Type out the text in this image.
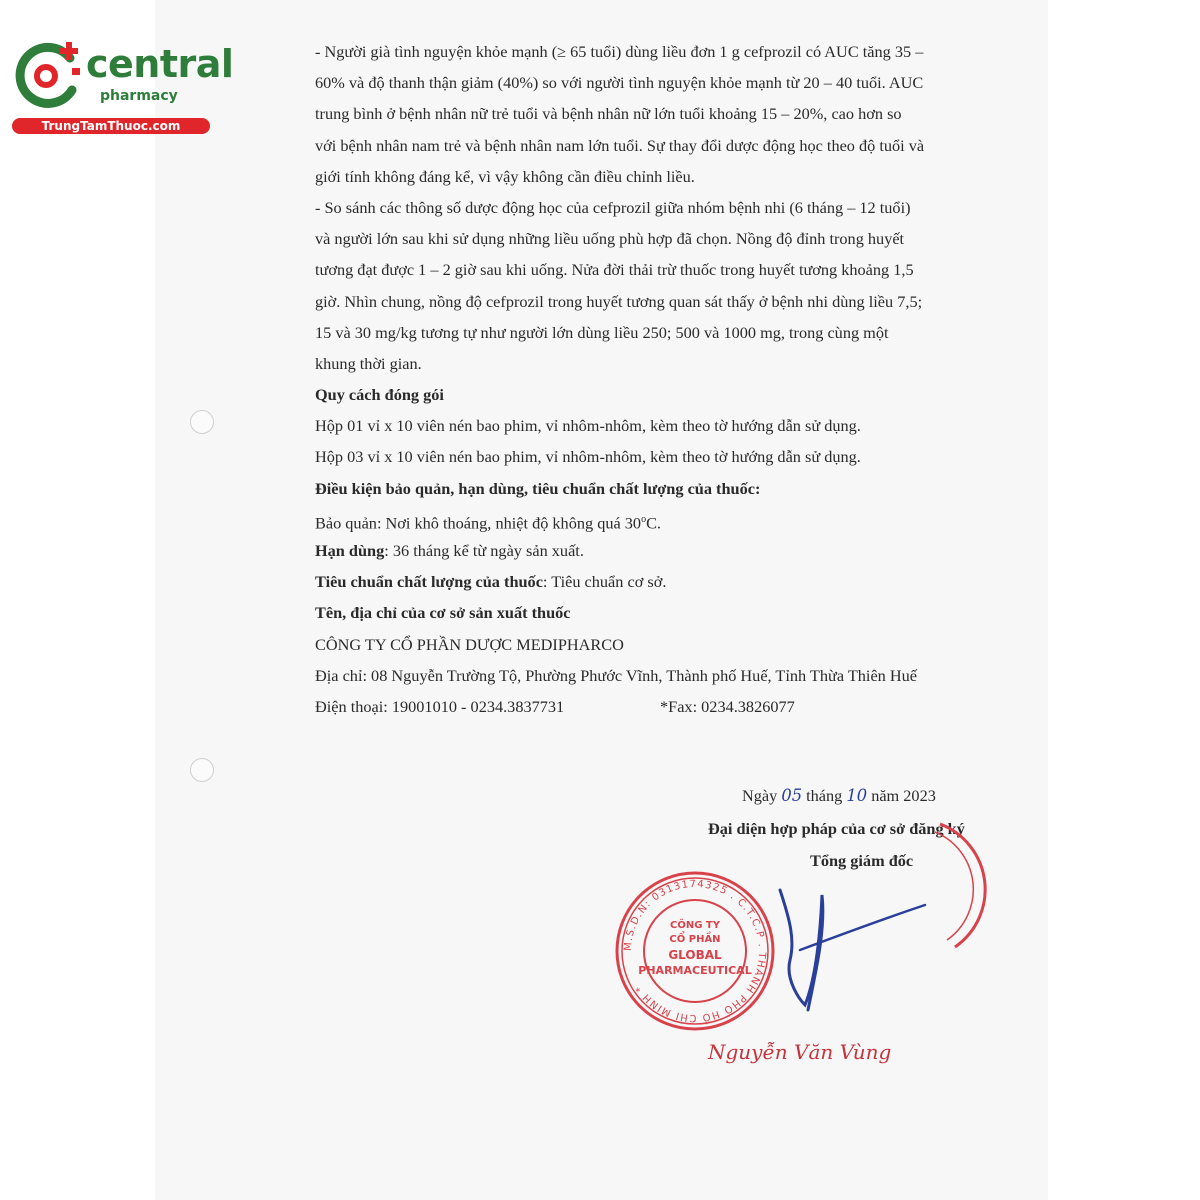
central
pharmacy
TrungTamThuoc.com
- Người già tình nguyện khỏe mạnh (≥ 65 tuổi) dùng liều đơn 1 g cefprozil có AUC tăng 35 –
60% và độ thanh thận giảm (40%) so với người tình nguyện khỏe mạnh từ 20 – 40 tuổi. AUC
trung bình ở bệnh nhân nữ trẻ tuổi và bệnh nhân nữ lớn tuổi khoảng 15 – 20%, cao hơn so
với bệnh nhân nam trẻ và bệnh nhân nam lớn tuổi. Sự thay đổi dược động học theo độ tuổi và
giới tính không đáng kể, vì vậy không cần điều chỉnh liều.
- So sánh các thông số dược động học của cefprozil giữa nhóm bệnh nhi (6 tháng – 12 tuổi)
và người lớn sau khi sử dụng những liều uống phù hợp đã chọn. Nồng độ đỉnh trong huyết
tương đạt được 1 – 2 giờ sau khi uống. Nửa đời thải trừ thuốc trong huyết tương khoảng 1,5
giờ. Nhìn chung, nồng độ cefprozil trong huyết tương quan sát thấy ở bệnh nhi dùng liều 7,5;
15 và 30 mg/kg tương tự như người lớn dùng liều 250; 500 và 1000 mg, trong cùng một
khung thời gian.
Quy cách đóng gói
Hộp 01 vỉ x 10 viên nén bao phim, vỉ nhôm-nhôm, kèm theo tờ hướng dẫn sử dụng.
Hộp 03 vỉ x 10 viên nén bao phim, vỉ nhôm-nhôm, kèm theo tờ hướng dẫn sử dụng.
Điều kiện bảo quản, hạn dùng, tiêu chuẩn chất lượng của thuốc:
Bảo quản: Nơi khô thoáng, nhiệt độ không quá 30$^o$C.
Hạn dùng: 36 tháng kể từ ngày sản xuất.
Tiêu chuẩn chất lượng của thuốc: Tiêu chuẩn cơ sở.
Tên, địa chỉ của cơ sở sản xuất thuốc
CÔNG TY CỔ PHẦN DƯỢC MEDIPHARCO
Địa chỉ: 08 Nguyễn Trường Tộ, Phường Phước Vĩnh, Thành phố Huế, Tỉnh Thừa Thiên Huế
Điện thoại: 19001010 - 0234.3837731	*Fax: 0234.3826077
Ngày 05 tháng 10 năm 2023
Đại diện hợp pháp của cơ sở đăng ký
Tổng giám đốc
M.S.D.N: 0313174325 . C.T.C.P . THÀNH PHỐ HỒ CHÍ MINH *
CÔNG TY
CỔ PHẦN
GLOBAL
PHARMACEUTICAL
Nguyễn Văn Vùng
